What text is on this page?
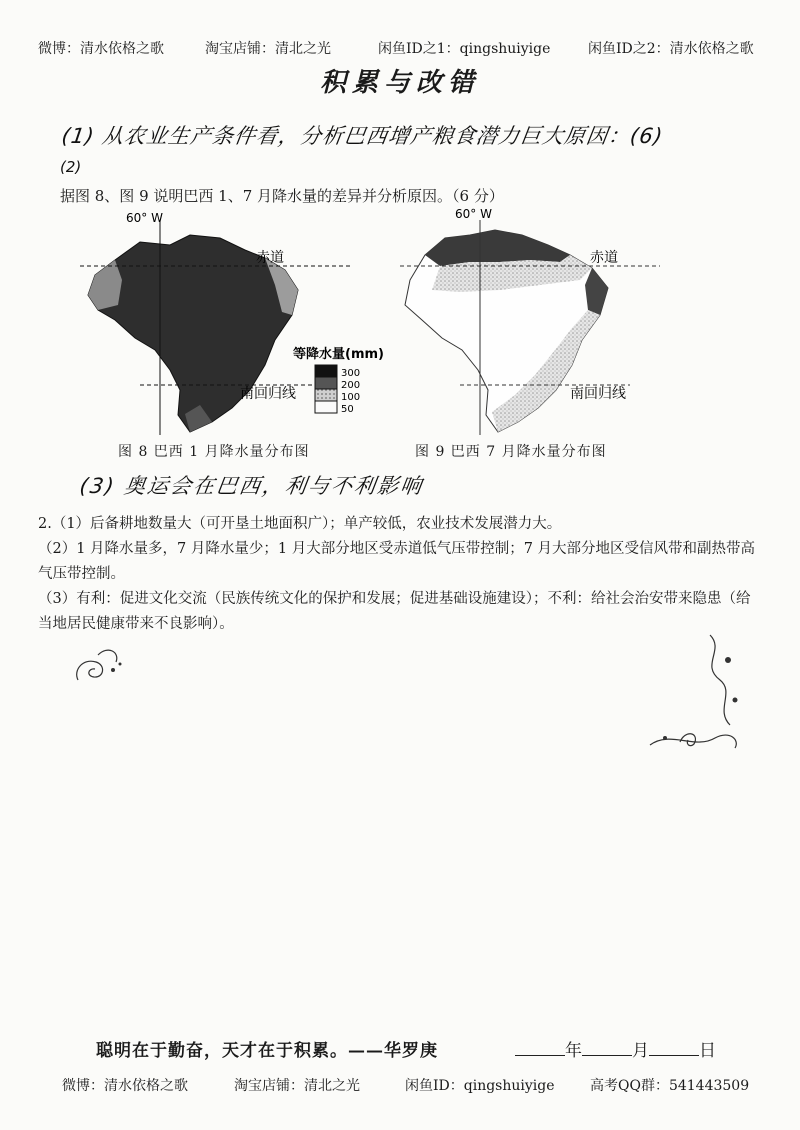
微博：清水依格之歌	淘宝店铺：清北之光	闲鱼ID之1：qingshuiyige	闲鱼ID之2：清水依格之歌
积累与改错
(1) 从农业生产条件看，分析巴西增产粮食潜力巨大原因：(6)
(2)
据图 8、图 9 说明巴西 1、7 月降水量的差异并分析原因。（6 分）
60° W
赤道
南回归线
等降水量(mm)
300
200
100
50
60° W
赤道
南回归线
图 8 巴西 1 月降水量分布图	图 9 巴西 7 月降水量分布图
(3) 奥运会在巴西，利与不利影响
2.（1）后备耕地数量大（可开垦土地面积广）；单产较低，农业技术发展潜力大。
（2）1 月降水量多，7 月降水量少；1 月大部分地区受赤道低气压带控制；7 月大部分地区受信风带和副热带高气压带控制。
（3）有利：促进文化交流（民族传统文化的保护和发展；促进基础设施建设）；不利：给社会治安带来隐患（给当地居民健康带来不良影响）。
聪明在于勤奋，天才在于积累。——华罗庚	年	月	日
微博：清水依格之歌	淘宝店铺：清北之光	闲鱼ID：qingshuiyige	高考QQ群：541443509
